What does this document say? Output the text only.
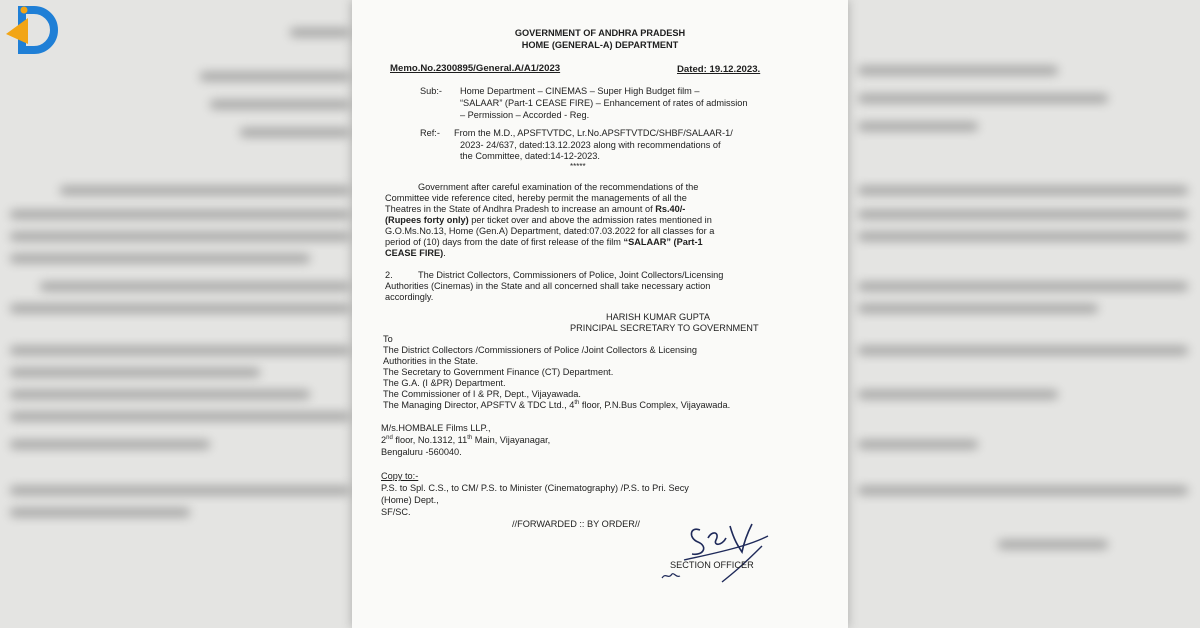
GOVERNMENT OF ANDHRA PRADESH
HOME (GENERAL-A) DEPARTMENT
Memo.No.2300895/General.A/A1/2023	Dated: 19.12.2023.
Sub:- Home Department – CINEMAS – Super High Budget film –
“SALAAR” (Part-1 CEASE FIRE) – Enhancement of rates of admission
– Permission – Accorded - Reg.
Ref:- From the M.D., APSFTVTDC, Lr.No.APSFTVTDC/SHBF/SALAAR-1/
2023- 24/637, dated:13.12.2023 along with recommendations of
the Committee, dated:14-12-2023.
*****
Government after careful examination of the recommendations of the
Committee vide reference cited, hereby permit the managements of all the
Theatres in the State of Andhra Pradesh to increase an amount of Rs.40/-
(Rupees forty only) per ticket over and above the admission rates mentioned in
G.O.Ms.No.13, Home (Gen.A) Department, dated:07.03.2022 for all classes for a
period of (10) days from the date of first release of the film “SALAAR” (Part-1
CEASE FIRE).
2.	The District Collectors, Commissioners of Police, Joint Collectors/Licensing
Authorities (Cinemas) in the State and all concerned shall take necessary action
accordingly.
HARISH KUMAR GUPTA
PRINCIPAL SECRETARY TO GOVERNMENT
To
The District Collectors /Commissioners of Police /Joint Collectors & Licensing
Authorities in the State.
The Secretary to Government Finance (CT) Department.
The G.A. (I &PR) Department.
The Commissioner of I & PR, Dept., Vijayawada.
The Managing Director, APSFTV & TDC Ltd., 4th floor, P.N.Bus Complex, Vijayawada.
M/s.HOMBALE Films LLP.,
2nd floor, No.1312, 11th Main, Vijayanagar,
Bengaluru -560040.
Copy to:-
P.S. to Spl. C.S., to CM/ P.S. to Minister (Cinematography) /P.S. to Pri. Secy
(Home) Dept.,
SF/SC.
//FORWARDED :: BY ORDER//
SECTION OFFICER
